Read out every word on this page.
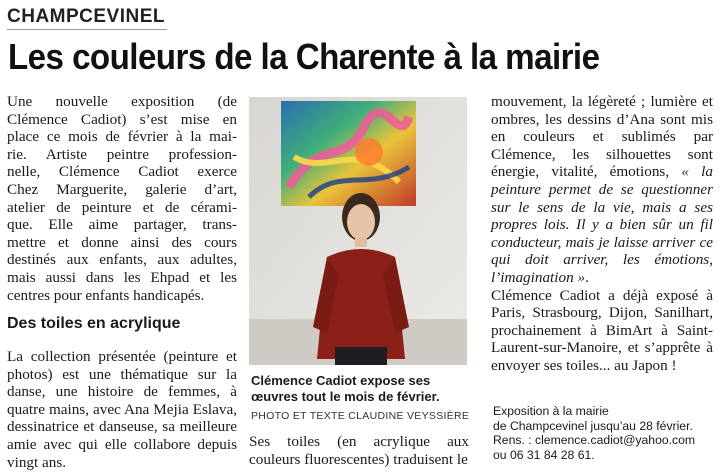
CHAMPCEVINEL
Les couleurs de la Charente à la mairie
Une nouvelle exposition (de
Clémence Cadiot) s’est mise en
place ce mois de février à la mai-
rie. Artiste peintre profession-
nelle, Clémence Cadiot exerce
Chez Marguerite, galerie d’art,
atelier de peinture et de cérami-
que. Elle aime partager, trans-
mettre et donne ainsi des cours
destinés aux enfants, aux adultes,
mais aussi dans les Ehpad et les
centres pour enfants handicapés.
Des toiles en acrylique
La collection présentée (peinture et photos) est une thématique sur la danse, une histoire de femmes, à quatre mains, avec Ana Mejia Eslava, dessinatrice et danseuse, sa meilleure amie avec qui elle collabore depuis vingt ans.
Clémence Cadiot expose ses œuvres tout le mois de février.
PHOTO ET TEXTE CLAUDINE VEYSSIÈRE
Ses toiles (en acrylique aux couleurs fluorescentes) traduisent le

mouvement, la légèreté ; lumière et ombres, les dessins d’Ana sont mis en couleurs et sublimés par Clémence, les silhouettes sont énergie, vitalité, émotions, « la peinture permet de se questionner sur le sens de la vie, mais a ses propres lois. Il y a bien sûr un fil conducteur, mais je laisse arriver ce qui doit arriver, les émotions, l’imagination ».

Clémence Cadiot a déjà exposé à Paris, Strasbourg, Dijon, Sanilhart, prochainement à BimArt à Saint-Laurent-sur-Manoire, et s’apprête à envoyer ses toiles... au Japon !

Exposition à la mairie
de Champcevinel jusqu’au 28 février.
Rens. : clemence.cadiot@yahoo.com
ou 06 31 84 28 61.
